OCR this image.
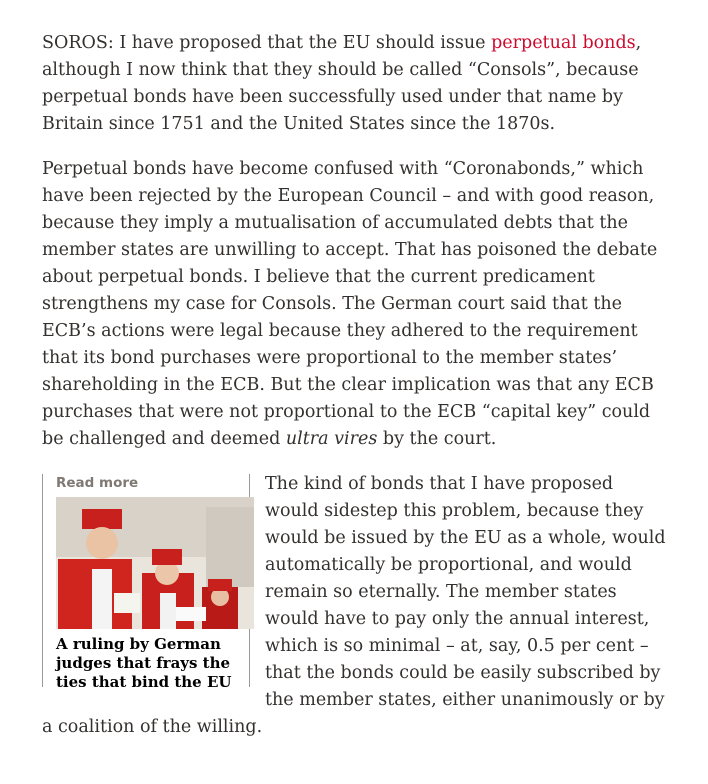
SOROS: I have proposed that the EU should issue perpetual bonds, although I now think that they should be called “Consols”, because perpetual bonds have been successfully used under that name by Britain since 1751 and the United States since the 1870s.

Perpetual bonds have become confused with “Coronabonds,” which have been rejected by the European Council – and with good reason, because they imply a mutualisation of accumulated debts that the member states are unwilling to accept. That has poisoned the debate about perpetual bonds. I believe that the current predicament strengthens my case for Consols. The German court said that the ECB’s actions were legal because they adhered to the requirement that its bond purchases were proportional to the member states’ shareholding in the ECB. But the clear implication was that any ECB purchases that were not proportional to the ECB “capital key” could be challenged and deemed ultra vires by the court.

Read more
A ruling by German judges that frays the ties that bind the EU

The kind of bonds that I have proposed would sidestep this problem, because they would be issued by the EU as a whole, would automatically be proportional, and would remain so eternally. The member states would have to pay only the annual interest, which is so minimal – at, say, 0.5 per cent – that the bonds could be easily subscribed by the member states, either unanimously or by a coalition of the willing.
